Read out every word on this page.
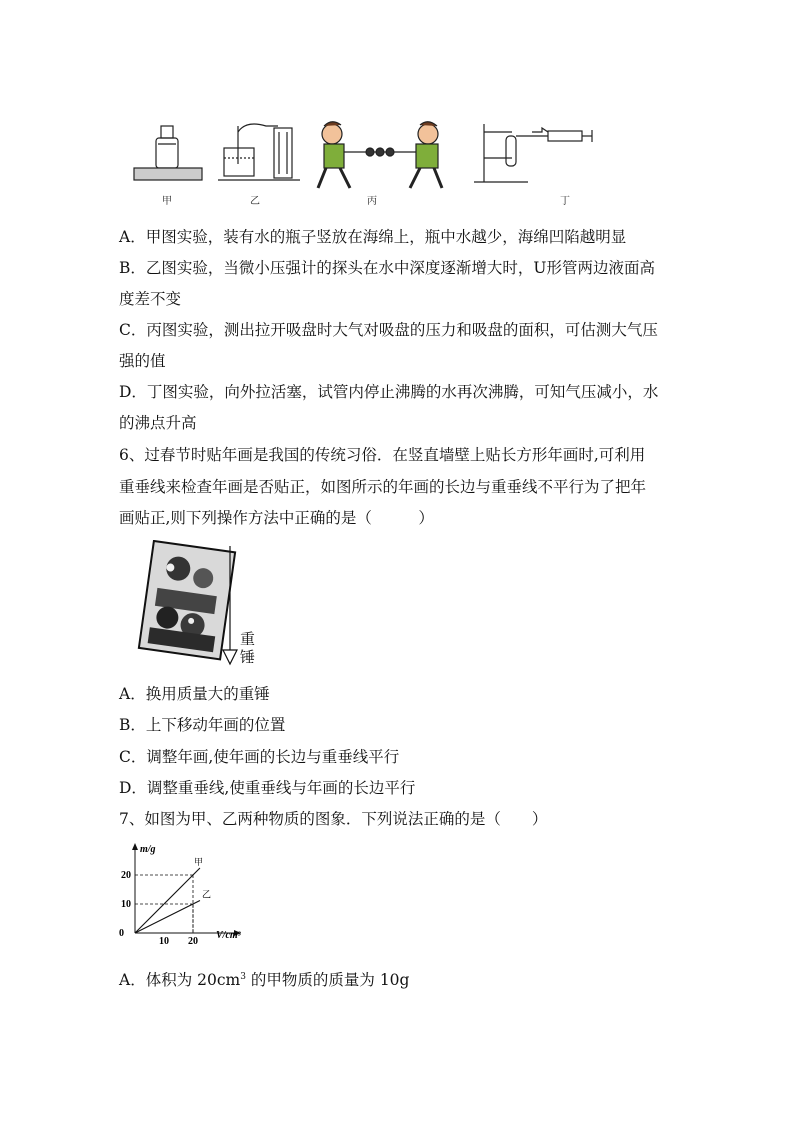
甲	乙	丙	丁
A．甲图实验，装有水的瓶子竖放在海绵上，瓶中水越少，海绵凹陷越明显
B．乙图实验，当微小压强计的探头在水中深度逐渐增大时，U形管两边液面高
度差不变
C．丙图实验，测出拉开吸盘时大气对吸盘的压力和吸盘的面积，可估测大气压
强的值
D．丁图实验，向外拉活塞，试管内停止沸腾的水再次沸腾，可知气压减小，水
的沸点升高
6、过春节时贴年画是我国的传统习俗．在竖直墙壁上贴长方形年画时,可利用
重垂线来检查年画是否贴正，如图所示的年画的长边与重垂线不平行为了把年
画贴正,则下列操作方法中正确的是（　　　）
重
锤
A．换用质量大的重锤
B．上下移动年画的位置
C．调整年画,使年画的长边与重垂线平行
D．调整重垂线,使重垂线与年画的长边平行
7、如图为甲、乙两种物质的图象．下列说法正确的是（　　）
甲
乙
10 20
10
20
m/g
V/cm³
0
A．体积为 $20cm^3$ 的甲物质的质量为 10g
